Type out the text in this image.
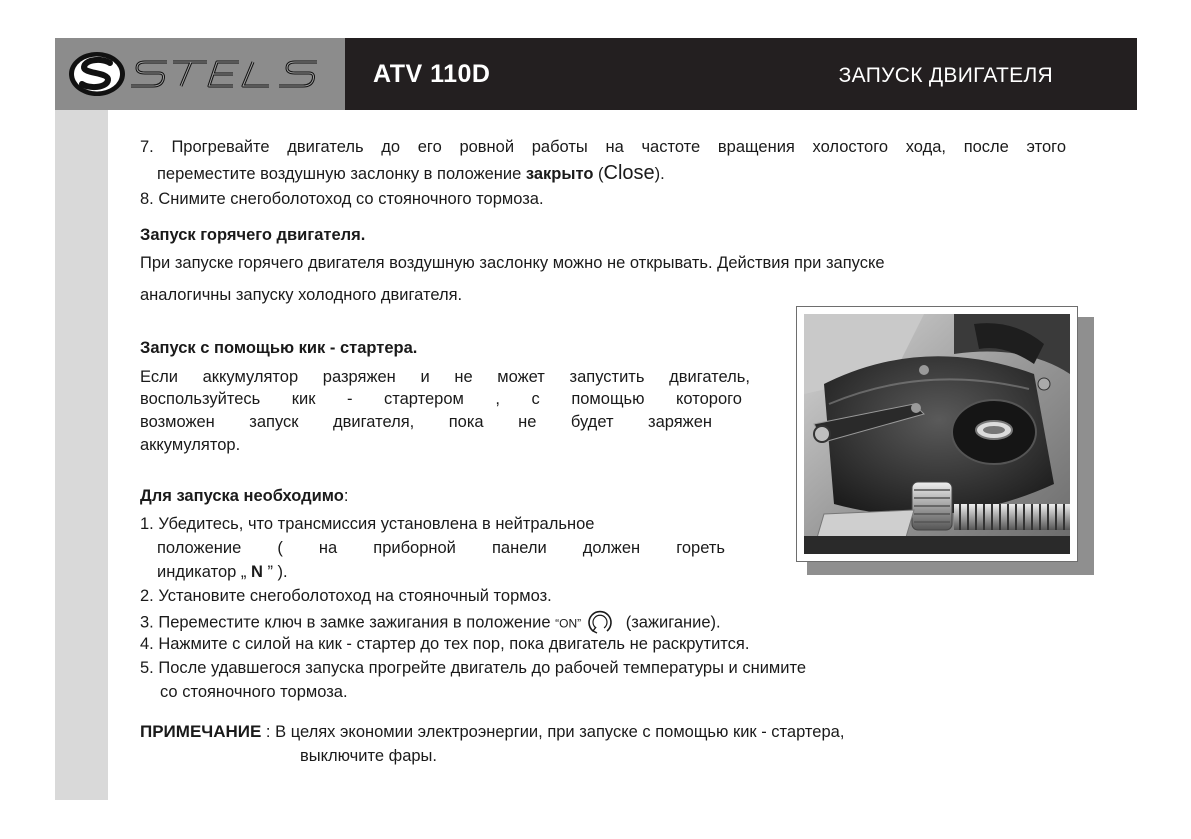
ATV 110D	ЗАПУСК ДВИГАТЕЛЯ
7. Прогревайте двигатель до его ровной работы на частоте вращения холостого хода, после этого
переместите воздушную заслонку в положение закрыто (Close).
8. Снимите снегоболотоход со стояночного тормоза.
Запуск горячего двигателя.
При запуске горячего двигателя воздушную заслонку можно не открывать. Действия при запуске
аналогичны запуску холодного двигателя.
Запуск с помощью кик - стартера.
Если аккумулятор разряжен и не может запустить двигатель,
воспользуйтесь кик - стартером , с помощью которого
возможен запуск двигателя, пока не будет заряжен
аккумулятор.
Для запуска необходимо:
1. Убедитесь, что трансмиссия установлена в нейтральное
положение ( на приборной панели должен гореть
индикатор „ N ” ).
2. Установите снегоболотоход на стояночный тормоз.
3. Переместите ключ в замке зажигания в положение “ON” (зажигание).
4. Нажмите с силой на кик - стартер до тех пор, пока двигатель не раскрутится.
5. После удавшегося запуска прогрейте двигатель до рабочей температуры и снимите
со стояночного тормоза.
ПРИМЕЧАНИЕ : В целях экономии электроэнергии, при запуске с помощью кик - стартера,
выключите фары.
